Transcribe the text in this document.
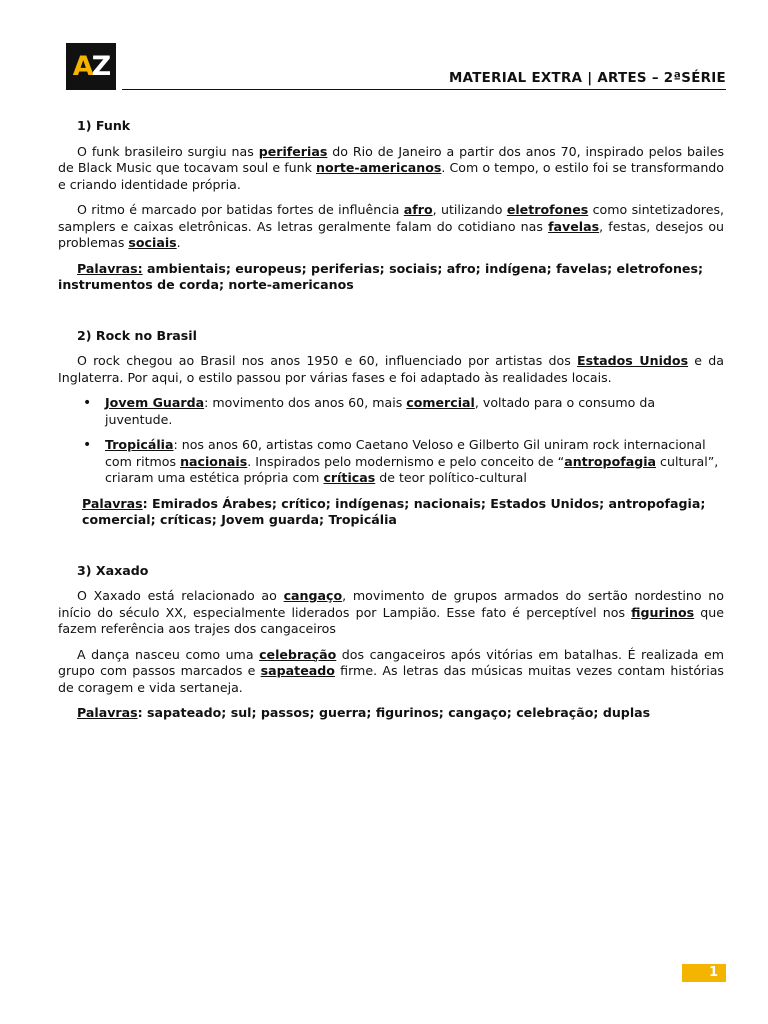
AZ	MATERIAL EXTRA | ARTES – 2ªSÉRIE
1) Funk

O funk brasileiro surgiu nas periferias do Rio de Janeiro a partir dos anos 70, inspirado pelos bailes de Black Music que tocavam soul e funk norte-americanos. Com o tempo, o estilo foi se transformando e criando identidade própria.

O ritmo é marcado por batidas fortes de influência afro, utilizando eletrofones como sintetizadores, samplers e caixas eletrônicas. As letras geralmente falam do cotidiano nas favelas, festas, desejos ou problemas sociais.

Palavras: ambientais; europeus; periferias; sociais; afro; indígena; favelas; eletrofones; instrumentos de corda; norte-americanos

2) Rock no Brasil

O rock chegou ao Brasil nos anos 1950 e 60, influenciado por artistas dos Estados Unidos e da Inglaterra. Por aqui, o estilo passou por várias fases e foi adaptado às realidades locais.

• Jovem Guarda: movimento dos anos 60, mais comercial, voltado para o consumo da juventude.
• Tropicália: nos anos 60, artistas como Caetano Veloso e Gilberto Gil uniram rock internacional com ritmos nacionais. Inspirados pelo modernismo e pelo conceito de “antropofagia cultural”, criaram uma estética própria com críticas de teor político-cultural

Palavras: Emirados Árabes; crítico; indígenas; nacionais; Estados Unidos; antropofagia; comercial; críticas; Jovem guarda; Tropicália

3) Xaxado

O Xaxado está relacionado ao cangaço, movimento de grupos armados do sertão nordestino no início do século XX, especialmente liderados por Lampião. Esse fato é perceptível nos figurinos que fazem referência aos trajes dos cangaceiros

A dança nasceu como uma celebração dos cangaceiros após vitórias em batalhas. É realizada em grupo com passos marcados e sapateado firme. As letras das músicas muitas vezes contam histórias de coragem e vida sertaneja.

Palavras: sapateado; sul; passos; guerra; figurinos; cangaço; celebração; duplas

1
